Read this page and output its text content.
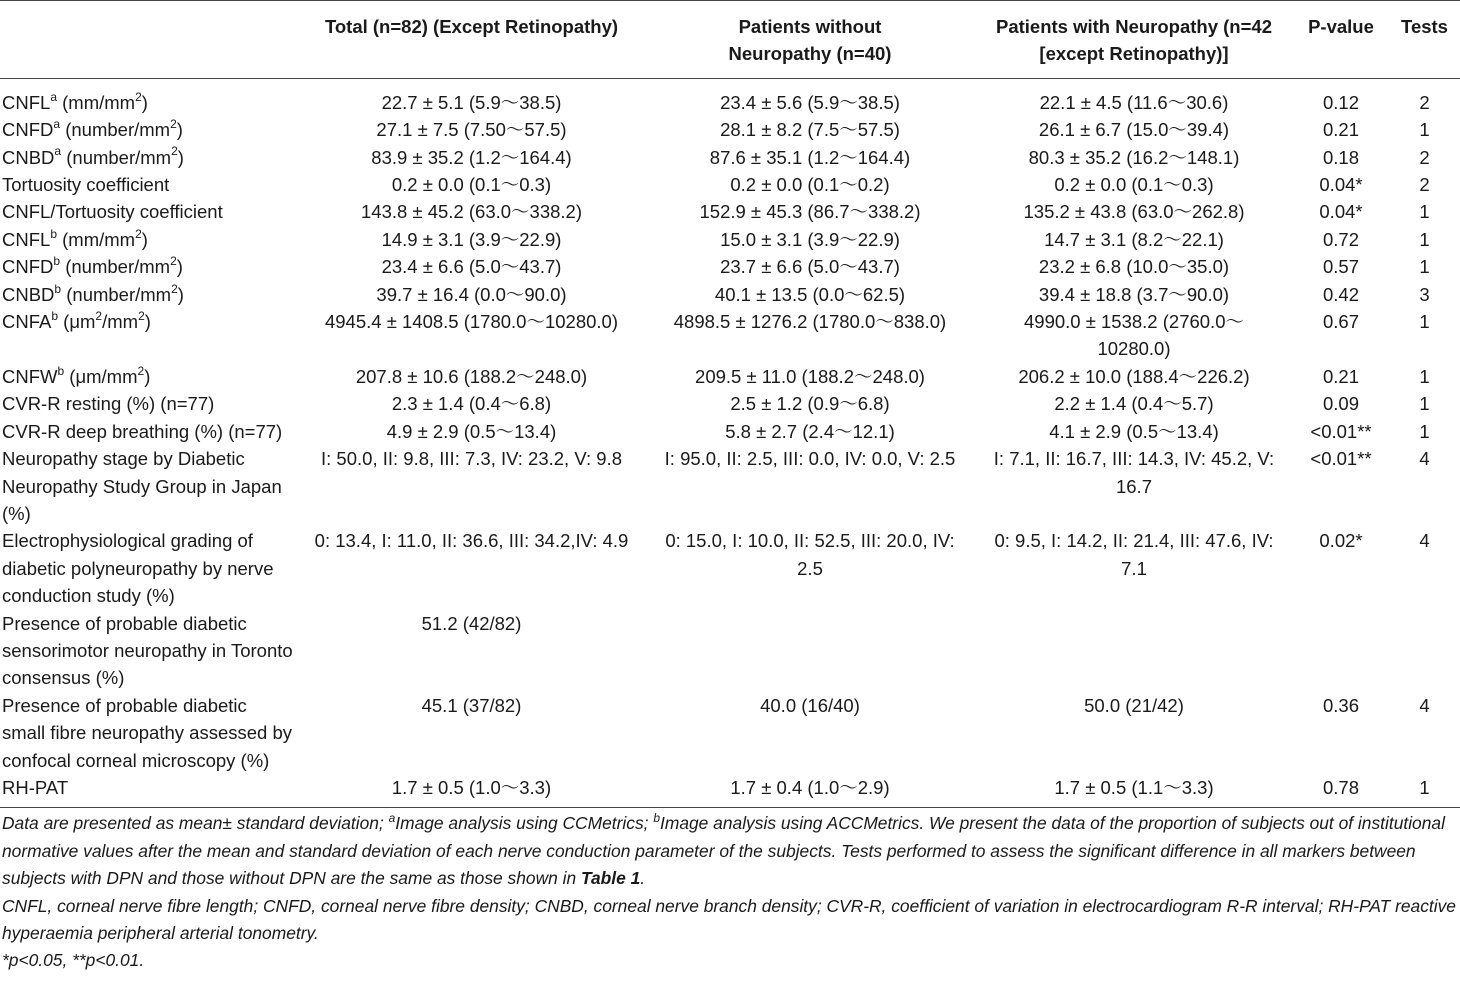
	Total (n=82) (Except Retinopathy)	Patients without Neuropathy (n=40)	Patients with Neuropathy (n=42 [except Retinopathy)]	P-value	Tests
CNFL$^a$ $(mm/mm^2)$	22.7 ± 5.1 (5.9～38.5)	23.4 ± 5.6 (5.9～38.5)	22.1 ± 4.5 (11.6～30.6)	0.12	2
CNFD$^a$ $(number/mm^2)$	27.1 ± 7.5 (7.50～57.5)	28.1 ± 8.2 (7.5～57.5)	26.1 ± 6.7 (15.0～39.4)	0.21	1
CNBD$^a$ $(number/mm^2)$	83.9 ± 35.2 (1.2～164.4)	87.6 ± 35.1 (1.2～164.4)	80.3 ± 35.2 (16.2～148.1)	0.18	2
Tortuosity coefficient	0.2 ± 0.0 (0.1～0.3)	0.2 ± 0.0 (0.1～0.2)	0.2 ± 0.0 (0.1～0.3)	0.04*	2
CNFL/Tortuosity coefficient	143.8 ± 45.2 (63.0～338.2)	152.9 ± 45.3 (86.7～338.2)	135.2 ± 43.8 (63.0～262.8)	0.04*	1
CNFL$^b$ $(mm/mm^2)$	14.9 ± 3.1 (3.9～22.9)	15.0 ± 3.1 (3.9～22.9)	14.7 ± 3.1 (8.2～22.1)	0.72	1
CNFD$^b$ $(number/mm^2)$	23.4 ± 6.6 (5.0～43.7)	23.7 ± 6.6 (5.0～43.7)	23.2 ± 6.8 (10.0～35.0)	0.57	1
CNBD$^b$ $(number/mm^2)$	39.7 ± 16.4 (0.0～90.0)	40.1 ± 13.5 (0.0～62.5)	39.4 ± 18.8 (3.7～90.0)	0.42	3
CNFA$^b$ $(\mu m^2/mm^2)$	4945.4 ± 1408.5 (1780.0～10280.0)	4898.5 ± 1276.2 (1780.0～838.0)	4990.0 ± 1538.2 (2760.0～10280.0)	0.67	1
CNFW$^b$ $(\mu m/mm^2)$	207.8 ± 10.6 (188.2～248.0)	209.5 ± 11.0 (188.2～248.0)	206.2 ± 10.0 (188.4～226.2)	0.21	1
CVR-R resting (%) (n=77)	2.3 ± 1.4 (0.4～6.8)	2.5 ± 1.2 (0.9～6.8)	2.2 ± 1.4 (0.4～5.7)	0.09	1
CVR-R deep breathing (%) (n=77)	4.9 ± 2.9 (0.5～13.4)	5.8 ± 2.7 (2.4～12.1)	4.1 ± 2.9 (0.5～13.4)	<0.01**	1
Neuropathy stage by Diabetic Neuropathy Study Group in Japan (%)	I: 50.0, II: 9.8, III: 7.3, IV: 23.2, V: 9.8	I: 95.0, II: 2.5, III: 0.0, IV: 0.0, V: 2.5	I: 7.1, II: 16.7, III: 14.3, IV: 45.2, V: 16.7	<0.01**	4
Electrophysiological grading of diabetic polyneuropathy by nerve conduction study (%)	0: 13.4, I: 11.0, II: 36.6, III: 34.2,IV: 4.9	0: 15.0, I: 10.0, II: 52.5, III: 20.0, IV: 2.5	0: 9.5, I: 14.2, II: 21.4, III: 47.6, IV: 7.1	0.02*	4
Presence of probable diabetic sensorimotor neuropathy in Toronto consensus (%)	51.2 (42/82)				
Presence of probable diabetic small fibre neuropathy assessed by confocal corneal microscopy (%)	45.1 (37/82)	40.0 (16/40)	50.0 (21/42)	0.36	4
RH-PAT	1.7 ± 0.5 (1.0～3.3)	1.7 ± 0.4 (1.0～2.9)	1.7 ± 0.5 (1.1～3.3)	0.78	1

Data are presented as mean± standard deviation; $^a$Image analysis using CCMetrics; $^b$Image analysis using ACCMetrics. We present the data of the proportion of subjects out of institutional normative values after the mean and standard deviation of each nerve conduction parameter of the subjects. Tests performed to assess the significant difference in all markers between subjects with DPN and those without DPN are the same as those shown in Table 1.

CNFL, corneal nerve fibre length; CNFD, corneal nerve fibre density; CNBD, corneal nerve branch density; CVR-R, coefficient of variation in electrocardiogram R-R interval; RH-PAT reactive hyperaemia peripheral arterial tonometry.

*p<0.05, **p<0.01.
